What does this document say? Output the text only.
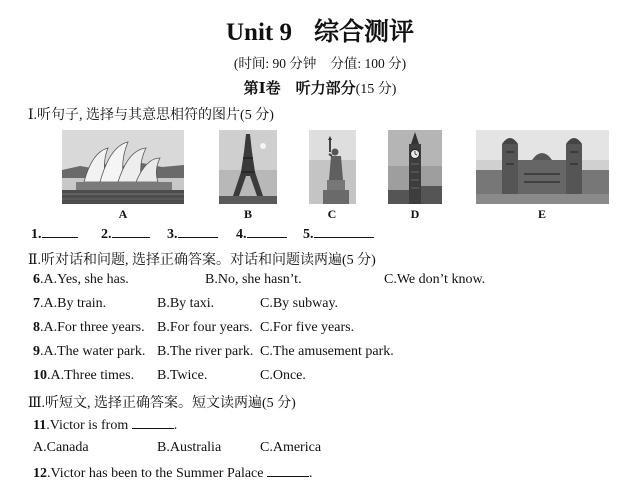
Unit 9 综合测评
(时间: 90 分钟 分值: 100 分)
第Ⅰ卷　听力部分(15 分)
Ⅰ.听句子, 选择与其意思相符的图片(5 分)
A	B	C	D	E
1.	2.	3.	4.	5.
Ⅱ.听对话和问题, 选择正确答案。对话和问题读两遍(5 分)
6.A.Yes, she has.	B.No, she hasn’t.	C.We don’t know.
7.A.By train.	B.By taxi.	C.By subway.
8.A.For three years. B.For four years. C.For five years.
9.A.The water park. B.The river park. C.The amusement park.
10.A.Three times. B.Twice.	C.Once.
Ⅲ.听短文, 选择正确答案。短文读两遍(5 分)
11.Victor is from	.
A.Canada	B.Australia	C.America
12.Victor has been to the Summer Palace	.
